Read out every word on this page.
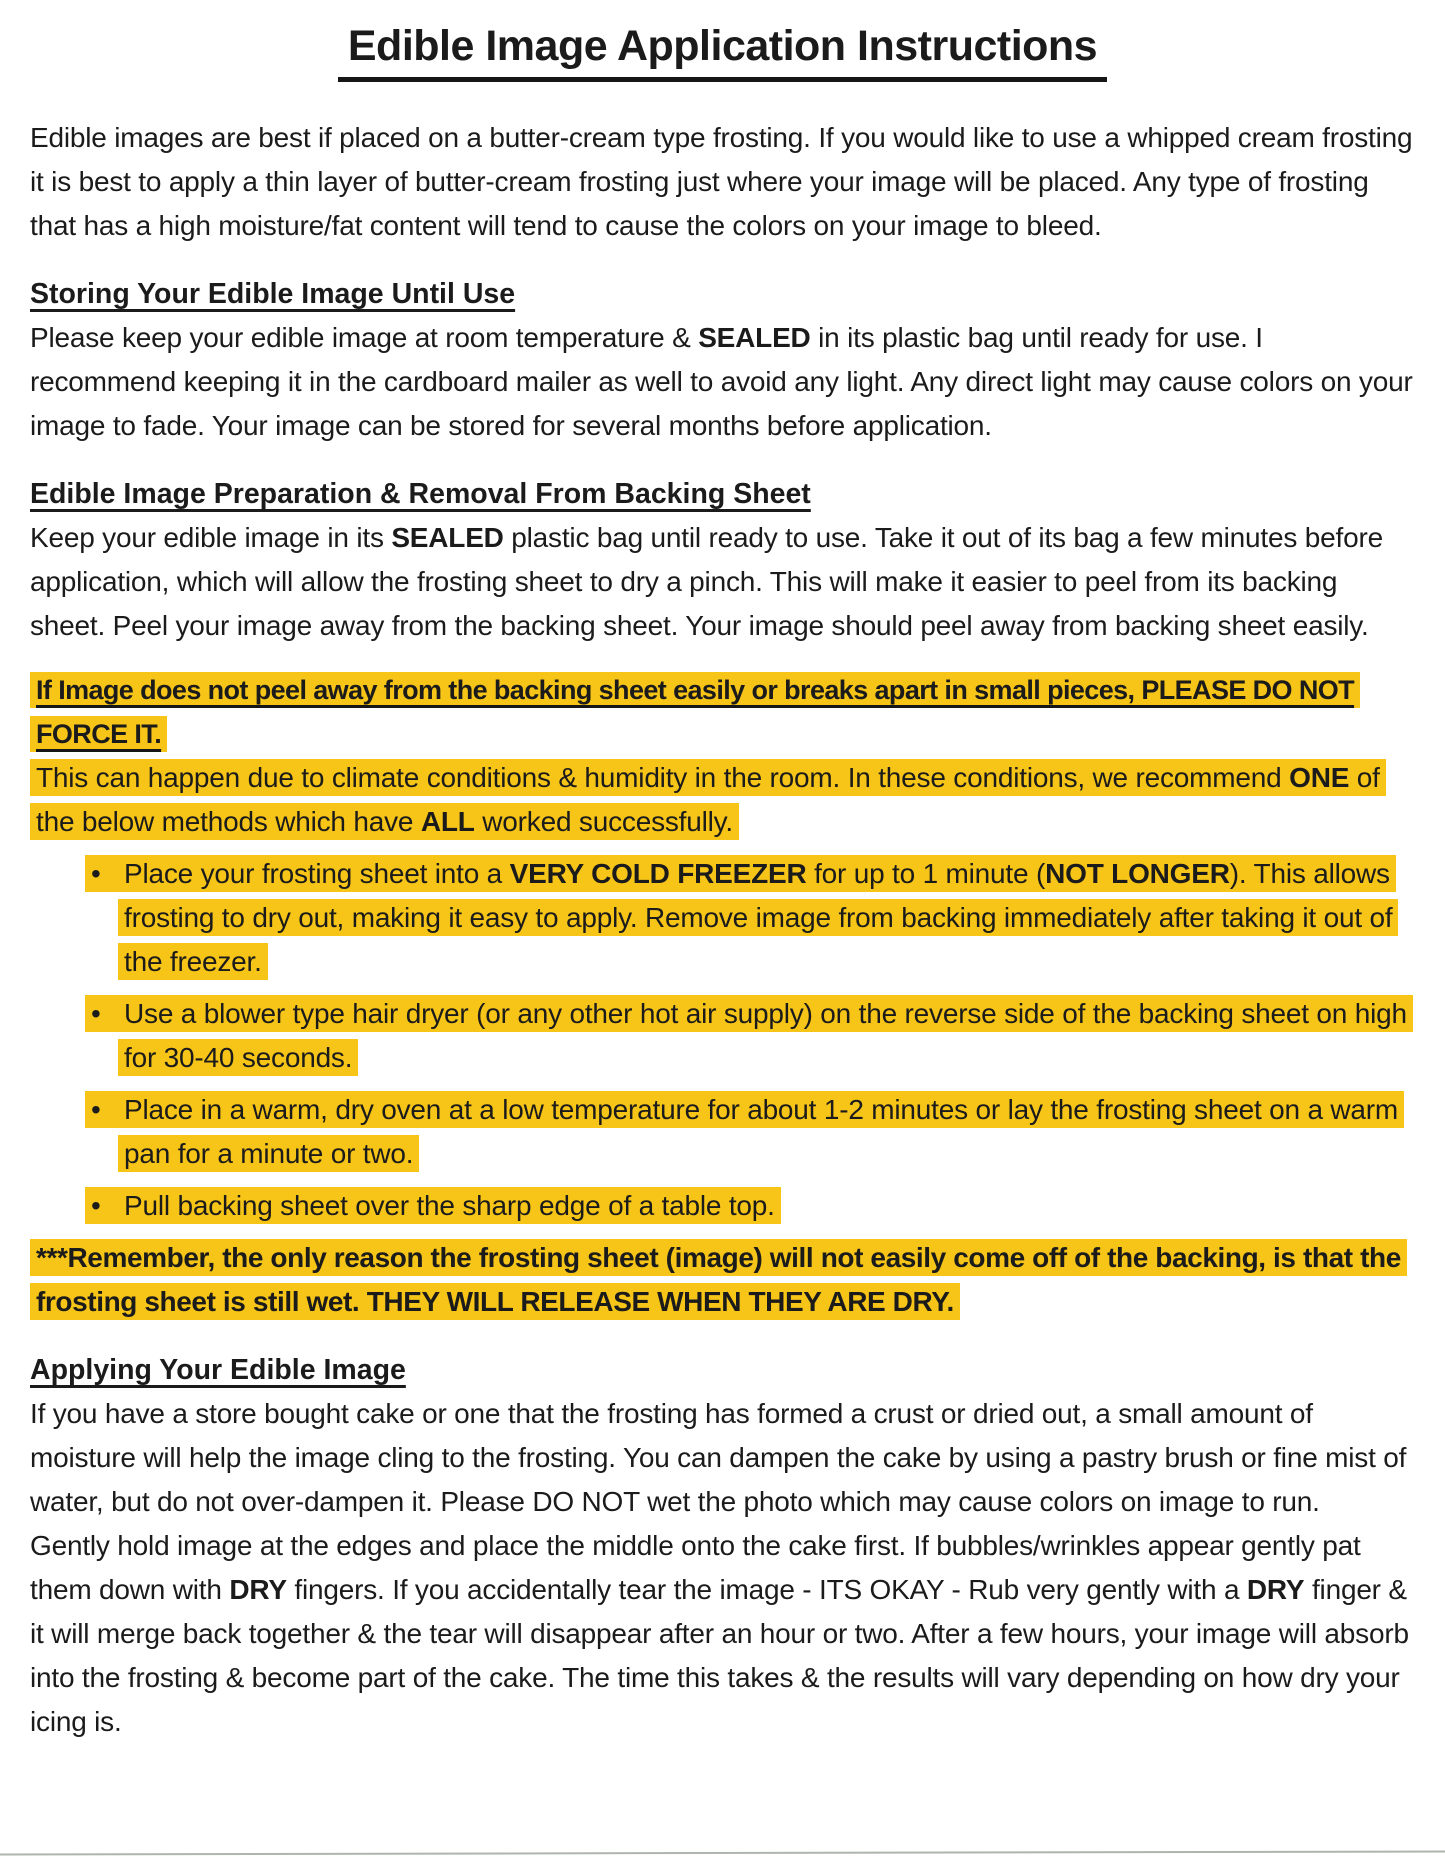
Edible Image Application Instructions

Edible images are best if placed on a butter-cream type frosting. If you would like to use a whipped cream frosting it is best to apply a thin layer of butter-cream frosting just where your image will be placed. Any type of frosting that has a high moisture/fat content will tend to cause the colors on your image to bleed.

Storing Your Edible Image Until Use

Please keep your edible image at room temperature & SEALED in its plastic bag until ready for use. I recommend keeping it in the cardboard mailer as well to avoid any light. Any direct light may cause colors on your image to fade. Your image can be stored for several months before application.

Edible Image Preparation & Removal From Backing Sheet

Keep your edible image in its SEALED plastic bag until ready to use. Take it out of its bag a few minutes before application, which will allow the frosting sheet to dry a pinch. This will make it easier to peel from its backing sheet. Peel your image away from the backing sheet. Your image should peel away from backing sheet easily.

If Image does not peel away from the backing sheet easily or breaks apart in small pieces, PLEASE DO NOT FORCE IT.

This can happen due to climate conditions & humidity in the room. In these conditions, we recommend ONE of the below methods which have ALL worked successfully.

• Place your frosting sheet into a VERY COLD FREEZER for up to 1 minute (NOT LONGER). This allows frosting to dry out, making it easy to apply. Remove image from backing immediately after taking it out of the freezer.
• Use a blower type hair dryer (or any other hot air supply) on the reverse side of the backing sheet on high for 30-40 seconds.
• Place in a warm, dry oven at a low temperature for about 1-2 minutes or lay the frosting sheet on a warm pan for a minute or two.
• Pull backing sheet over the sharp edge of a table top.

***Remember, the only reason the frosting sheet (image) will not easily come off of the backing, is that the frosting sheet is still wet. THEY WILL RELEASE WHEN THEY ARE DRY.

Applying Your Edible Image

If you have a store bought cake or one that the frosting has formed a crust or dried out, a small amount of moisture will help the image cling to the frosting. You can dampen the cake by using a pastry brush or fine mist of water, but do not over-dampen it. Please DO NOT wet the photo which may cause colors on image to run.

Gently hold image at the edges and place the middle onto the cake first. If bubbles/wrinkles appear gently pat them down with DRY fingers. If you accidentally tear the image - ITS OKAY - Rub very gently with a DRY finger & it will merge back together & the tear will disappear after an hour or two. After a few hours, your image will absorb into the frosting & become part of the cake. The time this takes & the results will vary depending on how dry your icing is.
